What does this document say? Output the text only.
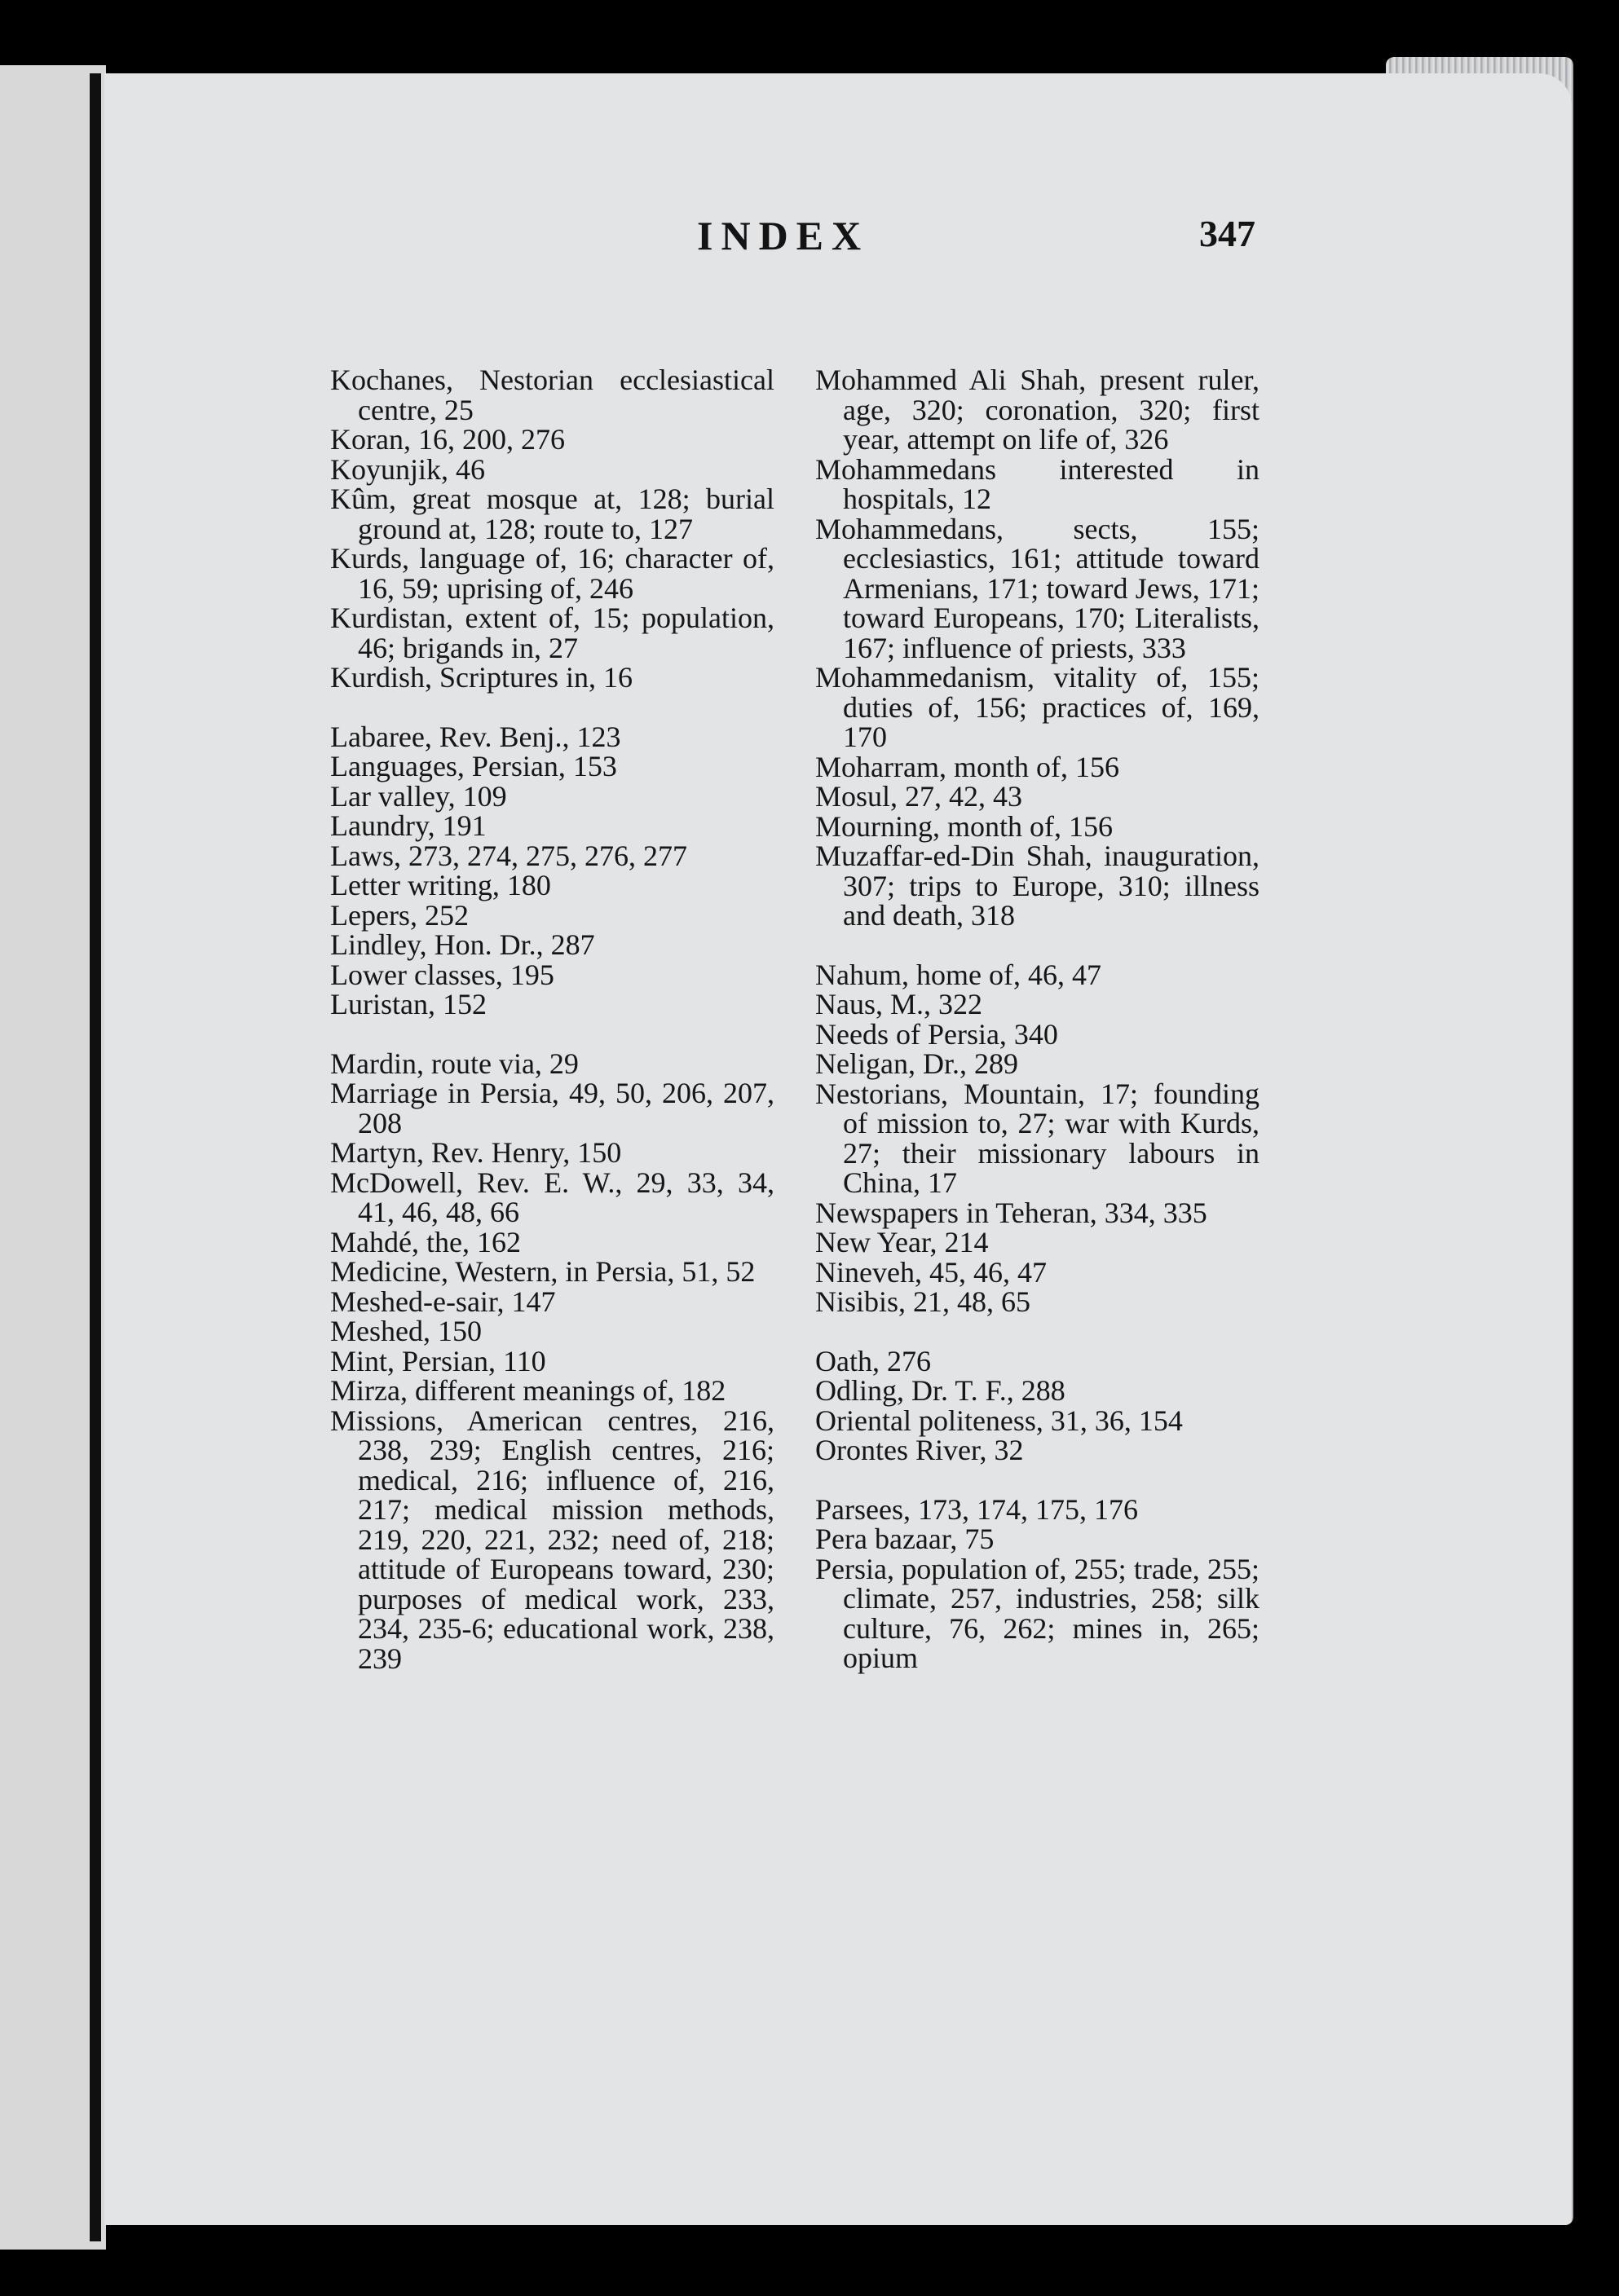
INDEX	347

Kochanes, Nestorian ecclesiastical centre, 25

Koran, 16, 200, 276

Koyunjik, 46

Kûm, great mosque at, 128; burial ground at, 128; route to, 127

Kurds, language of, 16; character of, 16, 59; uprising of, 246

Kurdistan, extent of, 15; population, 46; brigands in, 27

Kurdish, Scriptures in, 16

Labaree, Rev. Benj., 123

Languages, Persian, 153

Lar valley, 109

Laundry, 191

Laws, 273, 274, 275, 276, 277

Letter writing, 180

Lepers, 252

Lindley, Hon. Dr., 287

Lower classes, 195

Luristan, 152

Mardin, route via, 29

Marriage in Persia, 49, 50, 206, 207, 208

Martyn, Rev. Henry, 150

McDowell, Rev. E. W., 29, 33, 34, 41, 46, 48, 66

Mahdé, the, 162

Medicine, Western, in Persia, 51, 52

Meshed-e-sair, 147

Meshed, 150

Mint, Persian, 110

Mirza, different meanings of, 182

Missions, American centres, 216, 238, 239; English centres, 216; medical, 216; influence of, 216, 217; medical mission methods, 219, 220, 221, 232; need of, 218; attitude of Europeans toward, 230; purposes of medical work, 233, 234, 235-6; educational work, 238, 239

Mohammed Ali Shah, present ruler, age, 320; coronation, 320; first year, attempt on life of, 326

Mohammedans interested in hospitals, 12

Mohammedans, sects, 155; ecclesiastics, 161; attitude toward Armenians, 171; toward Jews, 171; toward Europeans, 170; Literalists, 167; influence of priests, 333

Mohammedanism, vitality of, 155; duties of, 156; practices of, 169, 170

Moharram, month of, 156

Mosul, 27, 42, 43

Mourning, month of, 156

Muzaffar-ed-Din Shah, inauguration, 307; trips to Europe, 310; illness and death, 318

Nahum, home of, 46, 47

Naus, M., 322

Needs of Persia, 340

Neligan, Dr., 289

Nestorians, Mountain, 17; founding of mission to, 27; war with Kurds, 27; their missionary labours in China, 17

Newspapers in Teheran, 334, 335

New Year, 214

Nineveh, 45, 46, 47

Nisibis, 21, 48, 65

Oath, 276

Odling, Dr. T. F., 288

Oriental politeness, 31, 36, 154

Orontes River, 32

Parsees, 173, 174, 175, 176

Pera bazaar, 75

Persia, population of, 255; trade, 255; climate, 257, industries, 258; silk culture, 76, 262; mines in, 265; opium
